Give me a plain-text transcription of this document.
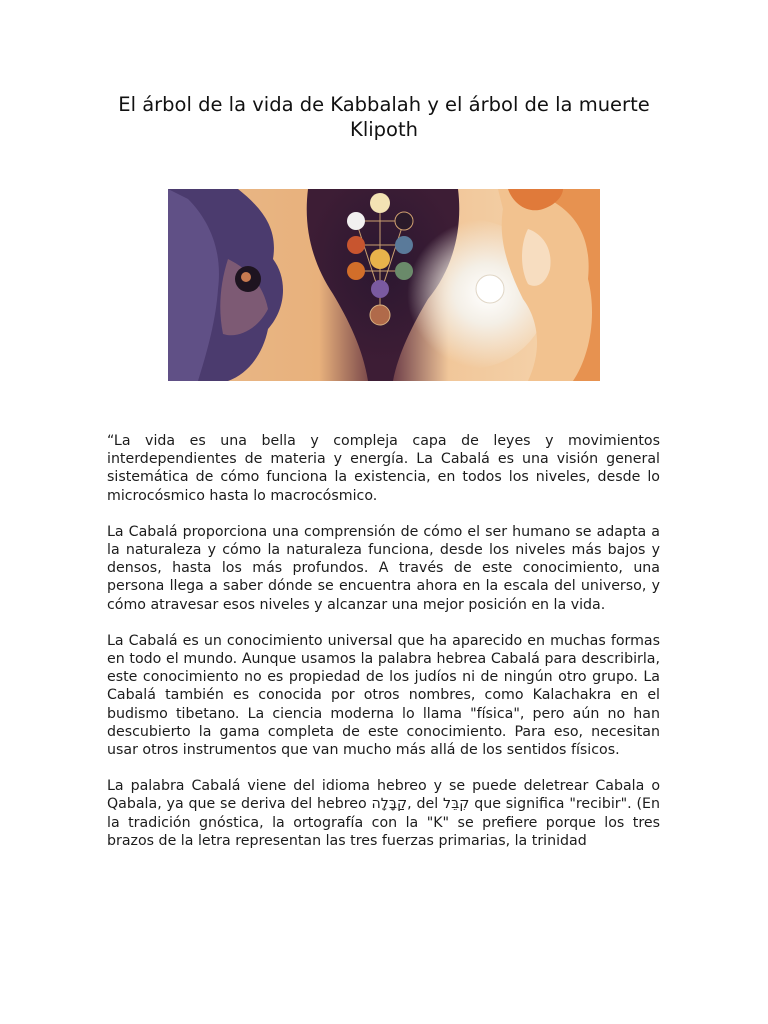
El árbol de la vida de Kabbalah y el árbol de la muerte Klipoth

“La vida es una bella y compleja capa de leyes y movimientos interdependientes de materia y energía. La Cabalá es una visión general sistemática de cómo funciona la existencia, en todos los niveles, desde lo microcósmico hasta lo macrocósmico.

La Cabalá proporciona una comprensión de cómo el ser humano se adapta a la naturaleza y cómo la naturaleza funciona, desde los niveles más bajos y densos, hasta los más profundos. A través de este conocimiento, una persona llega a saber dónde se encuentra ahora en la escala del universo, y cómo atravesar esos niveles y alcanzar una mejor posición en la vida.

La Cabalá es un conocimiento universal que ha aparecido en muchas formas en todo el mundo. Aunque usamos la palabra hebrea Cabalá para describirla, este conocimiento no es propiedad de los judíos ni de ningún otro grupo. La Cabalá también es conocida por otros nombres, como Kalachakra en el budismo tibetano. La ciencia moderna lo llama "física", pero aún no han descubierto la gama completa de este conocimiento. Para eso, necesitan usar otros instrumentos que van mucho más allá de los sentidos físicos.

La palabra Cabalá viene del idioma hebreo y se puede deletrear Cabala o Qabala, ya que se deriva del hebreo קַבָּלָה, del קִבֵּל que significa "recibir". (En la tradición gnóstica, la ortografía con la "K" se prefiere porque los tres brazos de la letra representan las tres fuerzas primarias, la trinidad
